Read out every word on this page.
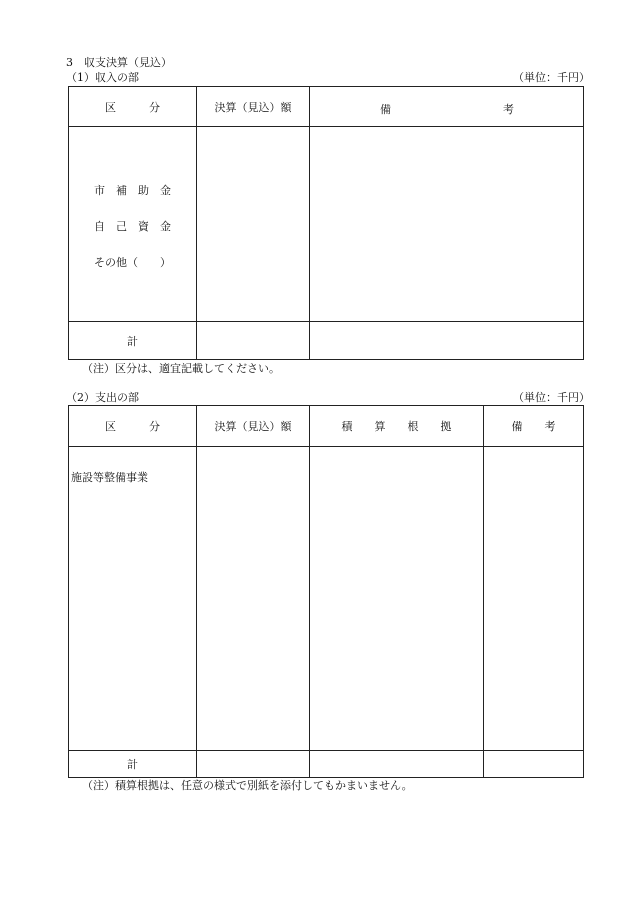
3　収支決算（見込）
（1）収入の部	（単位：千円）
区　　　分	決算（見込）額	備 考

市　補　助　金
自　己　資　金
その他（　　）		

計		
（注）区分は、適宜記載してください。
（2）支出の部	（単位：千円）
区　　　分	決算（見込）額	積　　算　　根　　拠	備　　考

施設等整備事業			

計			
（注）積算根拠は、任意の様式で別紙を添付してもかまいません。
